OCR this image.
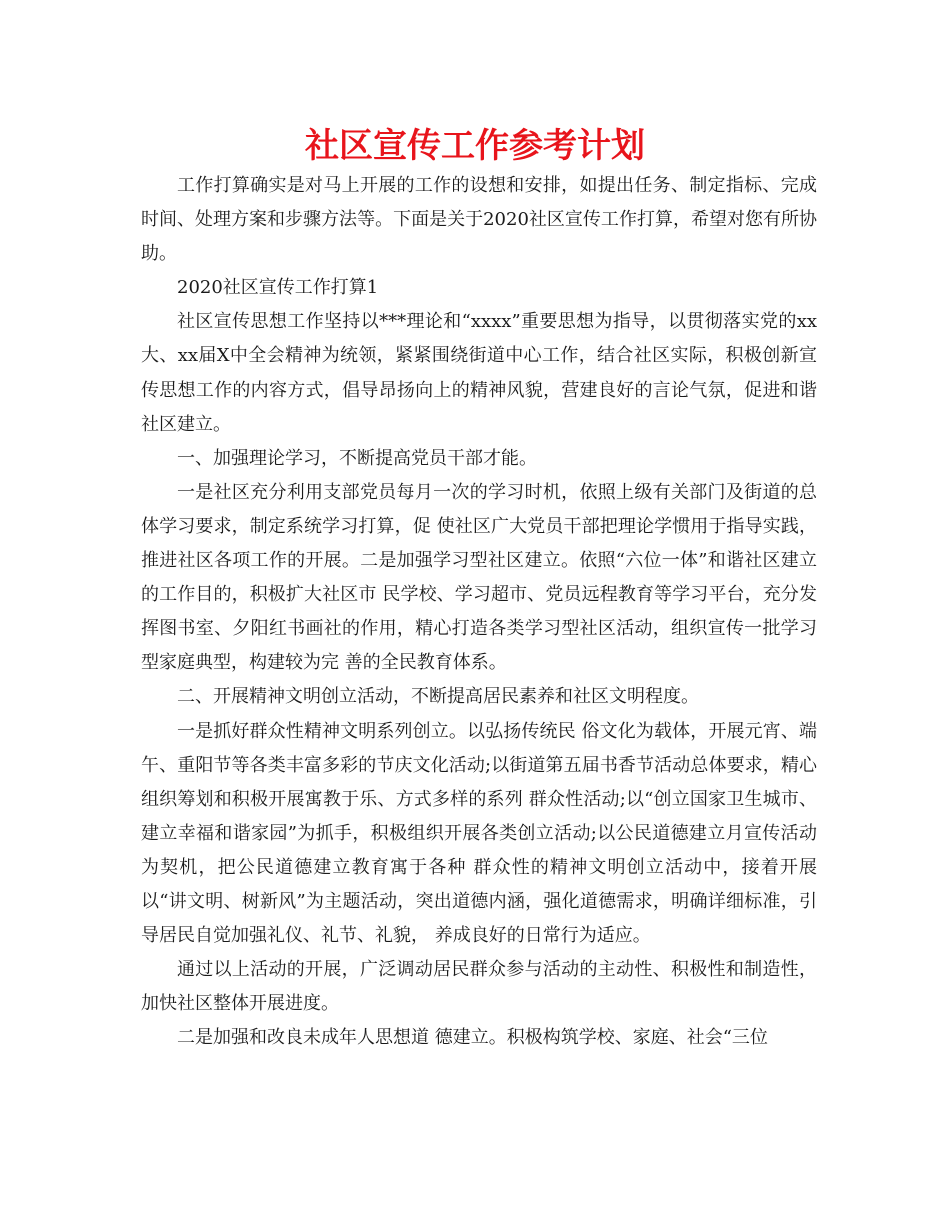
社区宣传工作参考计划

工作打算确实是对马上开展的工作的设想和安排，如提出任务、制定指标、完成时间、处理方案和步骤方法等。下面是关于2020社区宣传工作打算，希望对您有所协助。

2020社区宣传工作打算1

社区宣传思想工作坚持以***理论和“xxxx”重要思想为指导，以贯彻落实党的xx大、xx届X中全会精神为统领，紧紧围绕街道中心工作，结合社区实际，积极创新宣传思想工作的内容方式，倡导昂扬向上的精神风貌，营建良好的言论气氛，促进和谐社区建立。

一、加强理论学习，不断提高党员干部才能。

一是社区充分利用支部党员每月一次的学习时机，依照上级有关部门及街道的总体学习要求，制定系统学习打算，促 使社区广大党员干部把理论学惯用于指导实践，推进社区各项工作的开展。二是加强学习型社区建立。依照“六位一体”和谐社区建立的工作目的，积极扩大社区市 民学校、学习超市、党员远程教育等学习平台，充分发挥图书室、夕阳红书画社的作用，精心打造各类学习型社区活动，组织宣传一批学习型家庭典型，构建较为完 善的全民教育体系。

二、开展精神文明创立活动，不断提高居民素养和社区文明程度。

一是抓好群众性精神文明系列创立。以弘扬传统民 俗文化为载体，开展元宵、端午、重阳节等各类丰富多彩的节庆文化活动;以街道第五届书香节活动总体要求，精心组织筹划和积极开展寓教于乐、方式多样的系列 群众性活动;以“创立国家卫生城市、建立幸福和谐家园”为抓手，积极组织开展各类创立活动;以公民道德建立月宣传活动为契机，把公民道德建立教育寓于各种 群众性的精神文明创立活动中，接着开展以“讲文明、树新风”为主题活动，突出道德内涵，强化道德需求，明确详细标准，引导居民自觉加强礼仪、礼节、礼貌， 养成良好的日常行为适应。

通过以上活动的开展，广泛调动居民群众参与活动的主动性、积极性和制造性，加快社区整体开展进度。

二是加强和改良未成年人思想道 德建立。积极构筑学校、家庭、社会“三位
